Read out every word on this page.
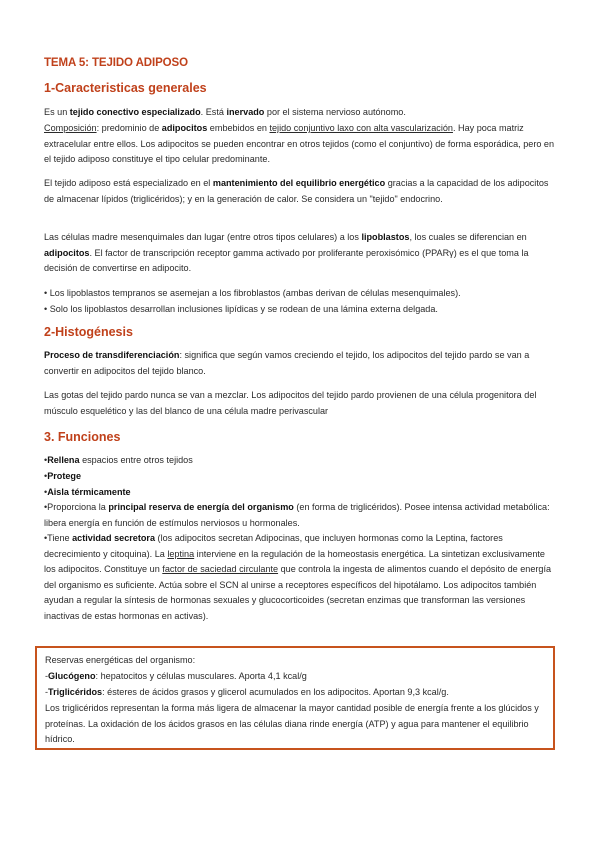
TEMA 5: TEJIDO ADIPOSO
1-Caracteristicas generales

Es un tejido conectivo especializado. Está inervado por el sistema nervioso autónomo.

Composición: predominio de adipocitos embebidos en tejido conjuntivo laxo con alta vascularización. Hay poca matriz extracelular entre ellos. Los adipocitos se pueden encontrar en otros tejidos (como el conjuntivo) de forma esporádica, pero en el tejido adiposo constituye el tipo celular predominante.

El tejido adiposo está especializado en el mantenimiento del equilibrio energético gracias a la capacidad de los adipocitos de almacenar lípidos (triglicéridos); y en la generación de calor. Se considera un "tejido" endocrino.

Las células madre mesenquimales dan lugar (entre otros tipos celulares) a los lipoblastos, los cuales se diferencian en adipocitos. El factor de transcripción receptor gamma activado por proliferante peroxisómico (PPARγ) es el que toma la decisión de convertirse en adipocito.

• Los lipoblastos tempranos se asemejan a los fibroblastos (ambas derivan de células mesenquimales).

• Solo los lipoblastos desarrollan inclusiones lipídicas y se rodean de una lámina externa delgada.

2-Histogénesis

Proceso de transdiferenciación: significa que según vamos creciendo el tejido, los adipocitos del tejido pardo se van a convertir en adipocitos del tejido blanco.

Las gotas del tejido pardo nunca se van a mezclar. Los adipocitos del tejido pardo provienen de una célula progenitora del músculo esquelético y las del blanco de una célula madre perivascular

3. Funciones

•Rellena espacios entre otros tejidos

•Protege

•Aisla térmicamente

•Proporciona la principal reserva de energía del organismo (en forma de triglicéridos). Posee intensa actividad metabólica: libera energía en función de estímulos nerviosos u hormonales.

•Tiene actividad secretora (los adipocitos secretan Adipocinas, que incluyen hormonas como la Leptina, factores decrecimiento y citoquina). La leptina interviene en la regulación de la homeostasis energética. La sintetizan exclusivamente los adipocitos. Constituye un factor de saciedad circulante que controla la ingesta de alimentos cuando el depósito de energía del organismo es suficiente. Actúa sobre el SCN al unirse a receptores específicos del hipotálamo. Los adipocitos también ayudan a regular la síntesis de hormonas sexuales y glucocorticoides (secretan enzimas que transforman las versiones inactivas de estas hormonas en activas).

Reservas energéticas del organismo:

-Glucógeno: hepatocitos y células musculares. Aporta 4,1 kcal/g

-Triglicéridos: ésteres de ácidos grasos y glicerol acumulados en los adipocitos. Aportan 9,3 kcal/g.

Los triglicéridos representan la forma más ligera de almacenar la mayor cantidad posible de energía frente a los glúcidos y proteínas. La oxidación de los ácidos grasos en las células diana rinde energía (ATP) y agua para mantener el equilibrio hídrico.
